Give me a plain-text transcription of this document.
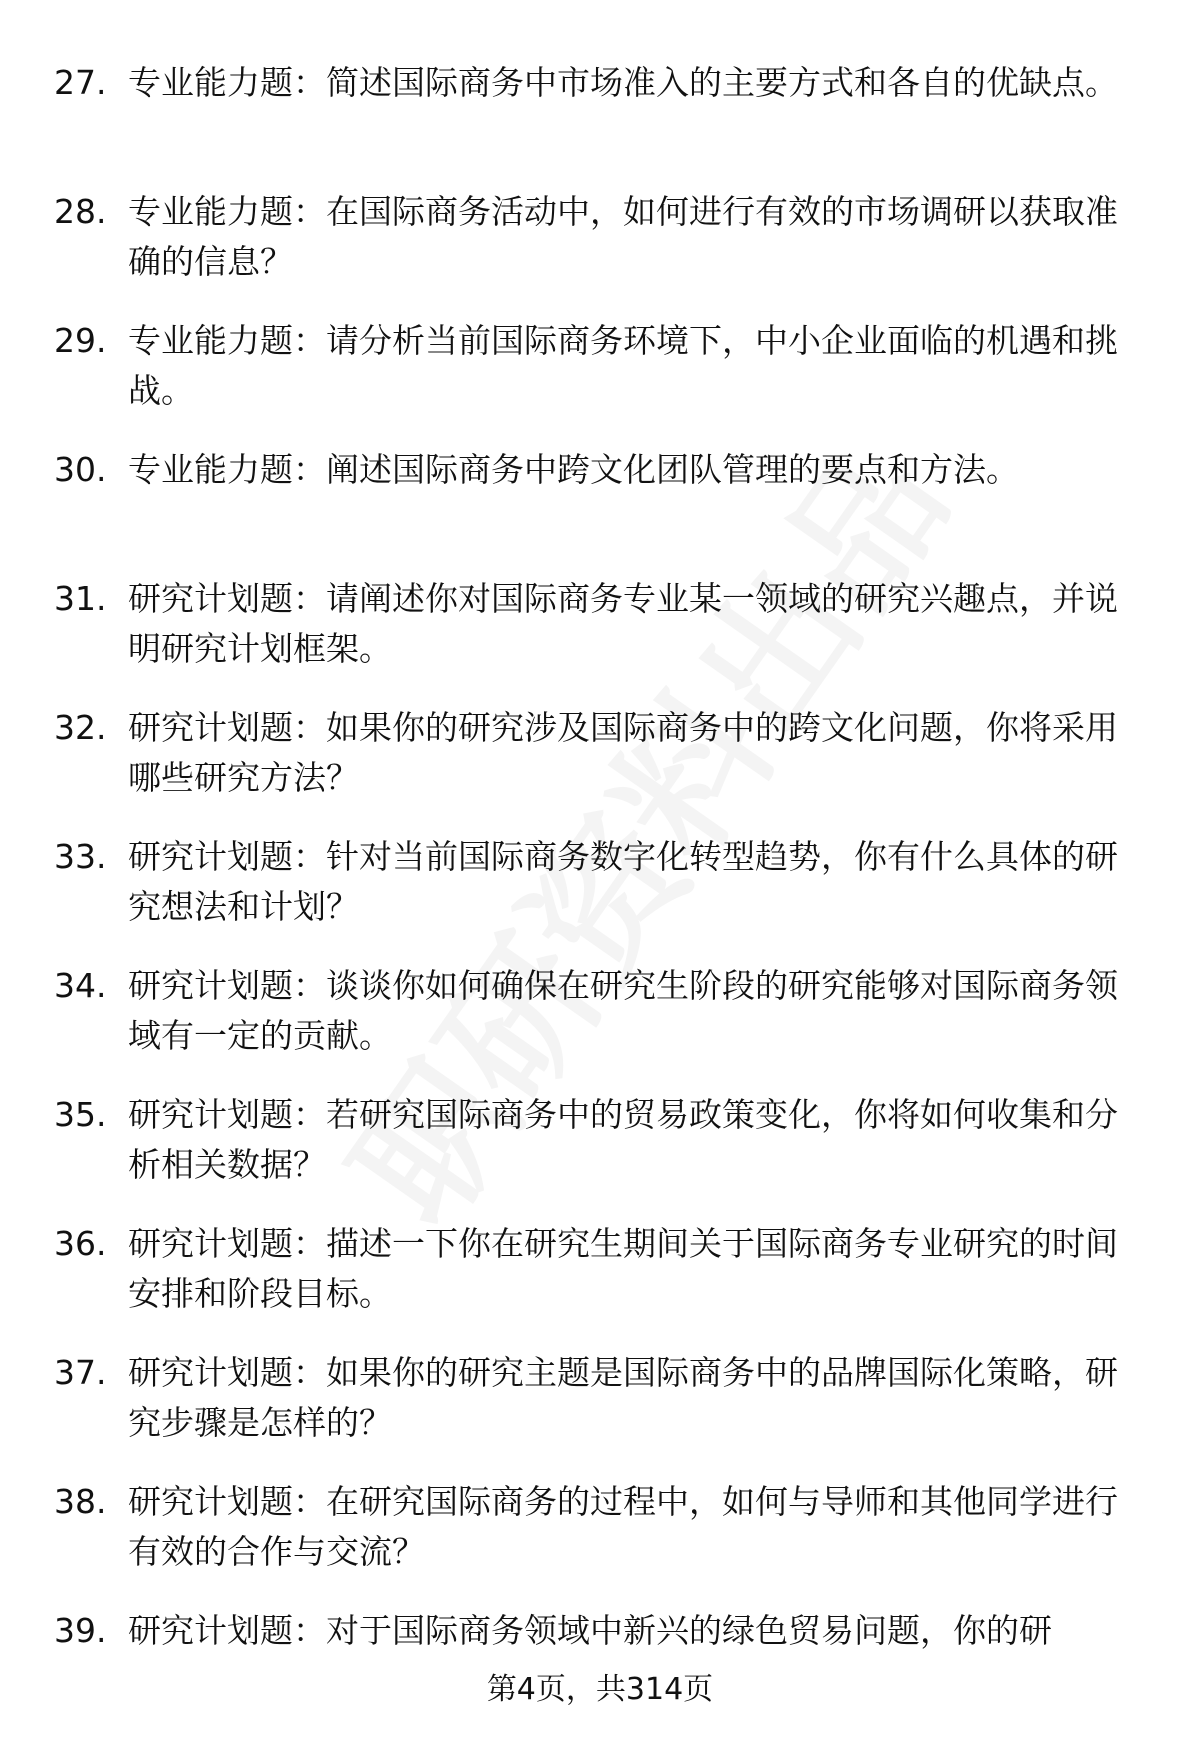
27. 专业能力题：简述国际商务中市场准入的主要方式和各自的优缺点。
28. 专业能力题：在国际商务活动中，如何进行有效的市场调研以获取准确的信息？
29. 专业能力题：请分析当前国际商务环境下，中小企业面临的机遇和挑战。
30. 专业能力题：阐述国际商务中跨文化团队管理的要点和方法。
31. 研究计划题：请阐述你对国际商务专业某一领域的研究兴趣点，并说明研究计划框架。
32. 研究计划题：如果你的研究涉及国际商务中的跨文化问题，你将采用哪些研究方法？
33. 研究计划题：针对当前国际商务数字化转型趋势，你有什么具体的研究想法和计划？
34. 研究计划题：谈谈你如何确保在研究生阶段的研究能够对国际商务领域有一定的贡献。
35. 研究计划题：若研究国际商务中的贸易政策变化，你将如何收集和分析相关数据？
36. 研究计划题：描述一下你在研究生期间关于国际商务专业研究的时间安排和阶段目标。
37. 研究计划题：如果你的研究主题是国际商务中的品牌国际化策略，研究步骤是怎样的？
38. 研究计划题：在研究国际商务的过程中，如何与导师和其他同学进行有效的合作与交流？
39. 研究计划题：对于国际商务领域中新兴的绿色贸易问题，你的研
第4页，共314页
